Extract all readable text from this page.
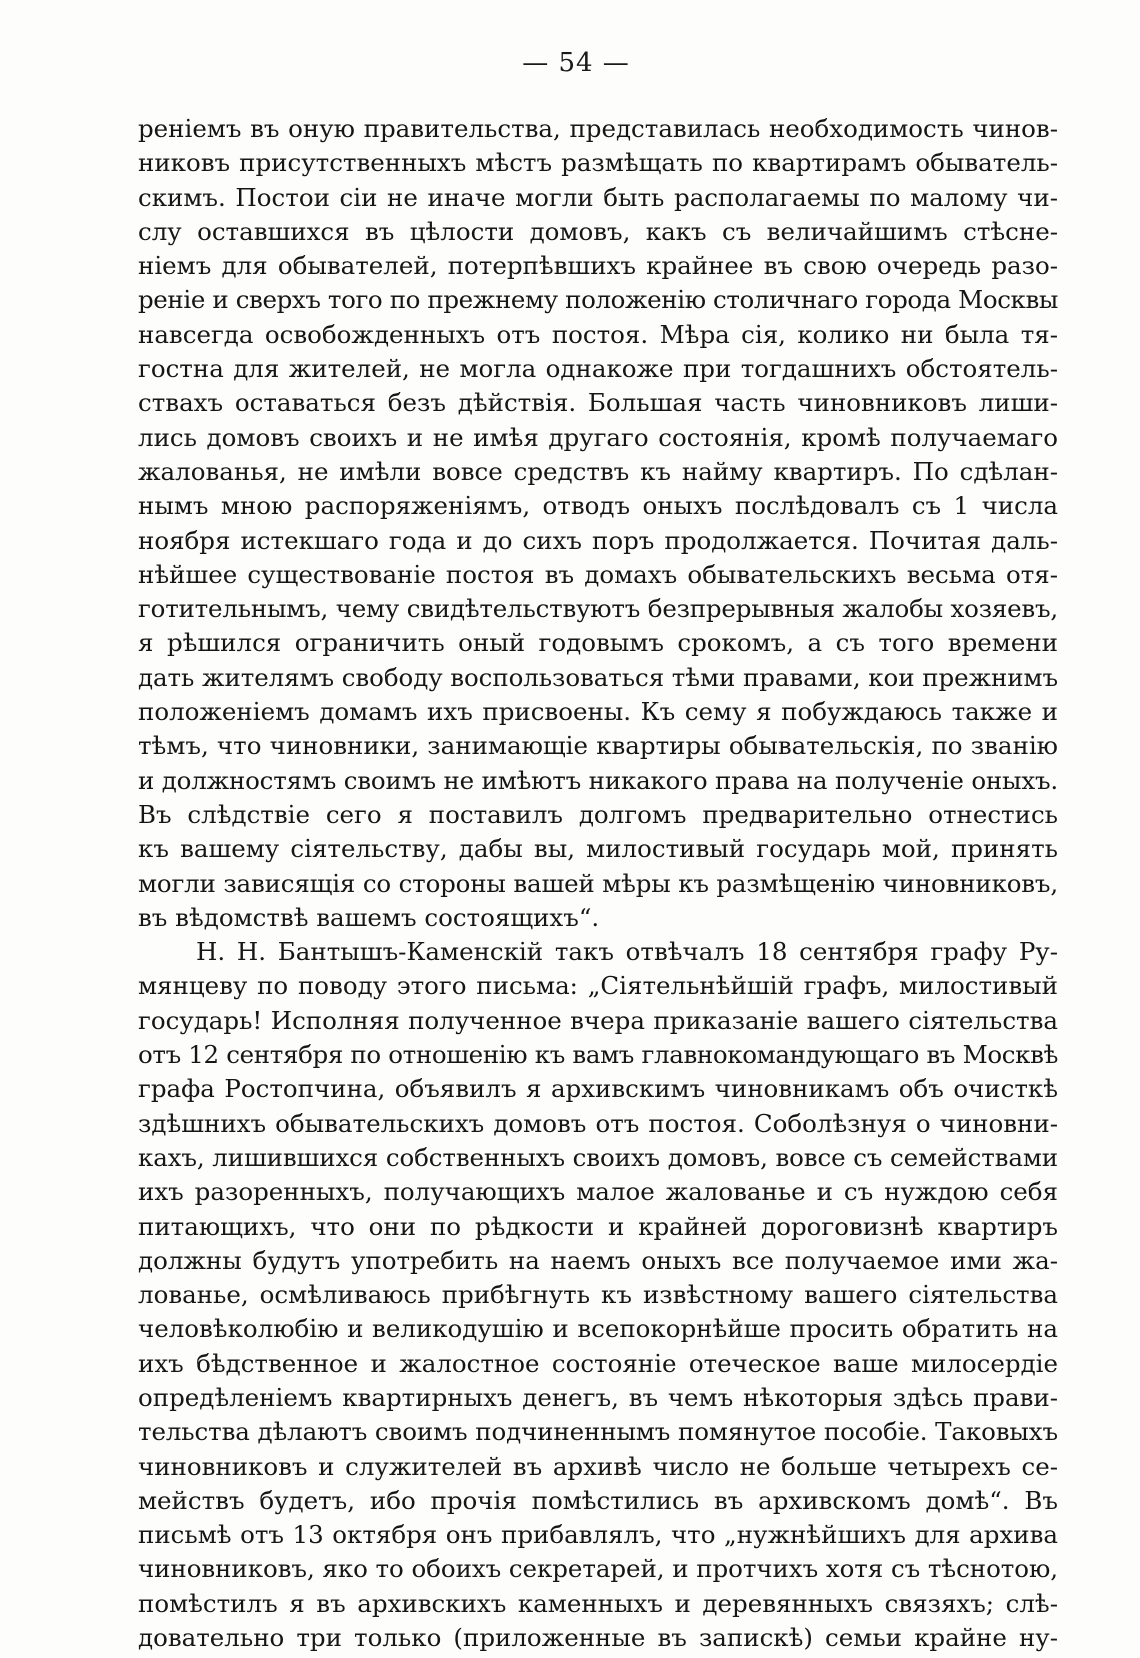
— 54 —
реніемъ въ оную правительства, представилась необходимость чинов-
никовъ присутственныхъ мѣстъ размѣщать по квартирамъ обыватель-
скимъ. Постои сіи не иначе могли быть располагаемы по малому чи-
слу оставшихся въ цѣлости домовъ, какъ съ величайшимъ стѣсне-
ніемъ для обывателей, потерпѣвшихъ крайнее въ свою очередь разо-
реніе и сверхъ того по прежнему положенію столичнаго города Москвы
навсегда освобожденныхъ отъ постоя. Мѣра сія, колико ни была тя-
гостна для жителей, не могла однакоже при тогдашнихъ обстоятель-
ствахъ оставаться безъ дѣйствія. Большая часть чиновниковъ лиши-
лись домовъ своихъ и не имѣя другаго состоянія, кромѣ получаемаго
жалованья, не имѣли вовсе средствъ къ найму квартиръ. По сдѣлан-
нымъ мною распоряженіямъ, отводъ оныхъ послѣдовалъ съ 1 числа
ноября истекшаго года и до сихъ поръ продолжается. Почитая даль-
нѣйшее существованіе постоя въ домахъ обывательскихъ весьма отя-
готительнымъ, чему свидѣтельствуютъ безпрерывныя жалобы хозяевъ,
я рѣшился ограничить оный годовымъ срокомъ, а съ того времени
дать жителямъ свободу воспользоваться тѣми правами, кои прежнимъ
положеніемъ домамъ ихъ присвоены. Къ сему я побуждаюсь также и
тѣмъ, что чиновники, занимающіе квартиры обывательскія, по званію
и должностямъ своимъ не имѣютъ никакого права на полученіе оныхъ.
Въ слѣдствіе сего я поставилъ долгомъ предварительно отнестись
къ вашему сіятельству, дабы вы, милостивый государь мой, принять
могли зависящія со стороны вашей мѣры къ размѣщенію чиновниковъ,
въ вѣдомствѣ вашемъ состоящихъ“.
Н. Н. Бантышъ-Каменскій такъ отвѣчалъ 18 сентября графу Ру-
мянцеву по поводу этого письма: „Сіятельнѣйшій графъ, милостивый
государь! Исполняя полученное вчера приказаніе вашего сіятельства
отъ 12 сентября по отношенію къ вамъ главнокомандующаго въ Москвѣ
графа Ростопчина, объявилъ я архивскимъ чиновникамъ объ очисткѣ
здѣшнихъ обывательскихъ домовъ отъ постоя. Соболѣзнуя о чиновни-
кахъ, лишившихся собственныхъ своихъ домовъ, вовсе съ семействами
ихъ разоренныхъ, получающихъ малое жалованье и съ нуждою себя
питающихъ, что они по рѣдкости и крайней дороговизнѣ квартиръ
должны будутъ употребить на наемъ оныхъ все получаемое ими жа-
лованье, осмѣливаюсь прибѣгнуть къ извѣстному вашего сіятельства
человѣколюбію и великодушію и всепокорнѣйше просить обратить на
ихъ бѣдственное и жалостное состояніе отеческое ваше милосердіе
опредѣленіемъ квартирныхъ денегъ, въ чемъ нѣкоторыя здѣсь прави-
тельства дѣлаютъ своимъ подчиненнымъ помянутое пособіе. Таковыхъ
чиновниковъ и служителей въ архивѣ число не больше четырехъ се-
мействъ будетъ, ибо прочія помѣстились въ архивскомъ домѣ“. Въ
письмѣ отъ 13 октября онъ прибавлялъ, что „нужнѣйшихъ для архива
чиновниковъ, яко то обоихъ секретарей, и протчихъ хотя съ тѣснотою,
помѣстилъ я въ архивскихъ каменныхъ и деревянныхъ связяхъ; слѣ-
довательно три только (приложенные въ запискѣ) семьи крайне ну-
